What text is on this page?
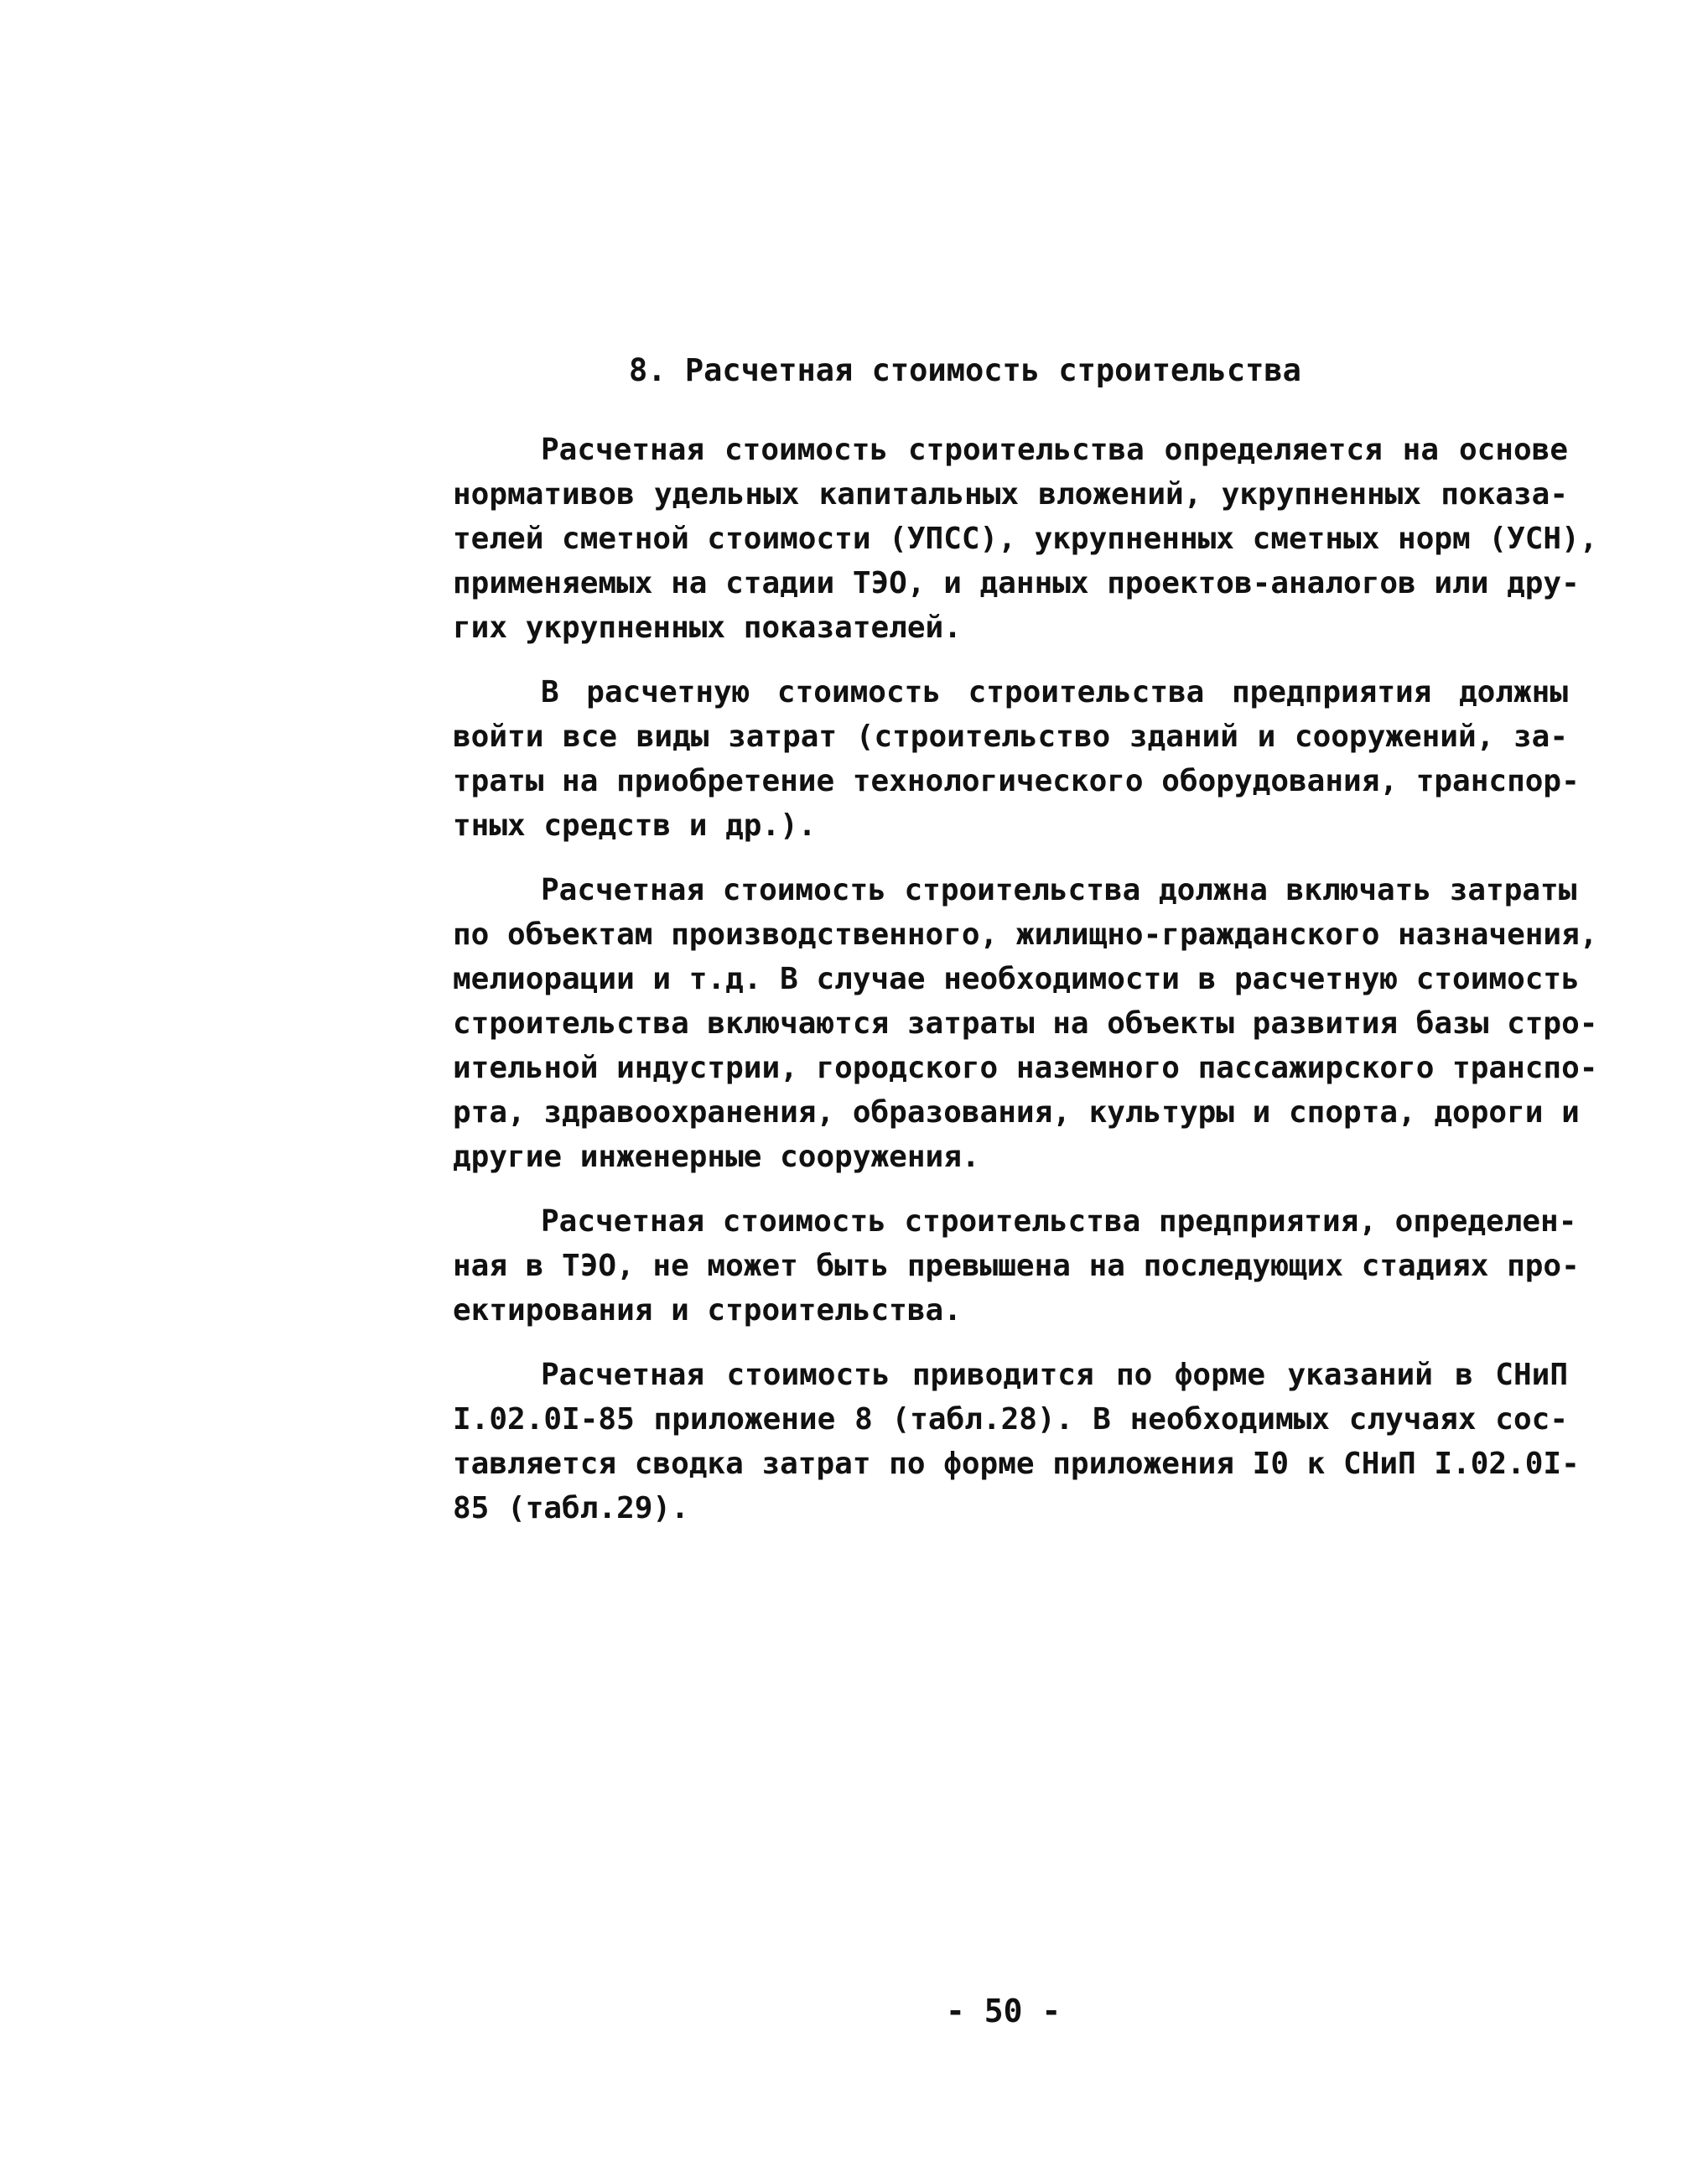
8. Расчетная стоимость строительства

Расчетная стоимость строительства определяется на основе
нормативов удельных капитальных вложений, укрупненных показа-
телей сметной стоимости (УПСС), укрупненных сметных норм (УСН),
применяемых на стадии ТЭО, и данных проектов-аналогов или дру-
гих укрупненных показателей.

В расчетную стоимость строительства предприятия должны
войти все виды затрат (строительство зданий и сооружений, за-
траты на приобретение технологического оборудования, транспор-
тных средств и др.).

Расчетная стоимость строительства должна включать затраты
по объектам производственного, жилищно-гражданского назначения,
мелиорации и т.д. В случае необходимости в расчетную стоимость
строительства включаются затраты на объекты развития базы стро-
ительной индустрии, городского наземного пассажирского транспо-
рта, здравоохранения, образования, культуры и спорта, дороги и
другие инженерные сооружения.

Расчетная стоимость строительства предприятия, определен-
ная в ТЭО, не может быть превышена на последующих стадиях про-
ектирования и строительства.

Расчетная стоимость приводится по форме указаний в СНиП
I.02.0I-85 приложение 8 (табл.28). В необходимых случаях сос-
тавляется сводка затрат по форме приложения I0 к СНиП I.02.0I-
85 (табл.29).

- 50 -
